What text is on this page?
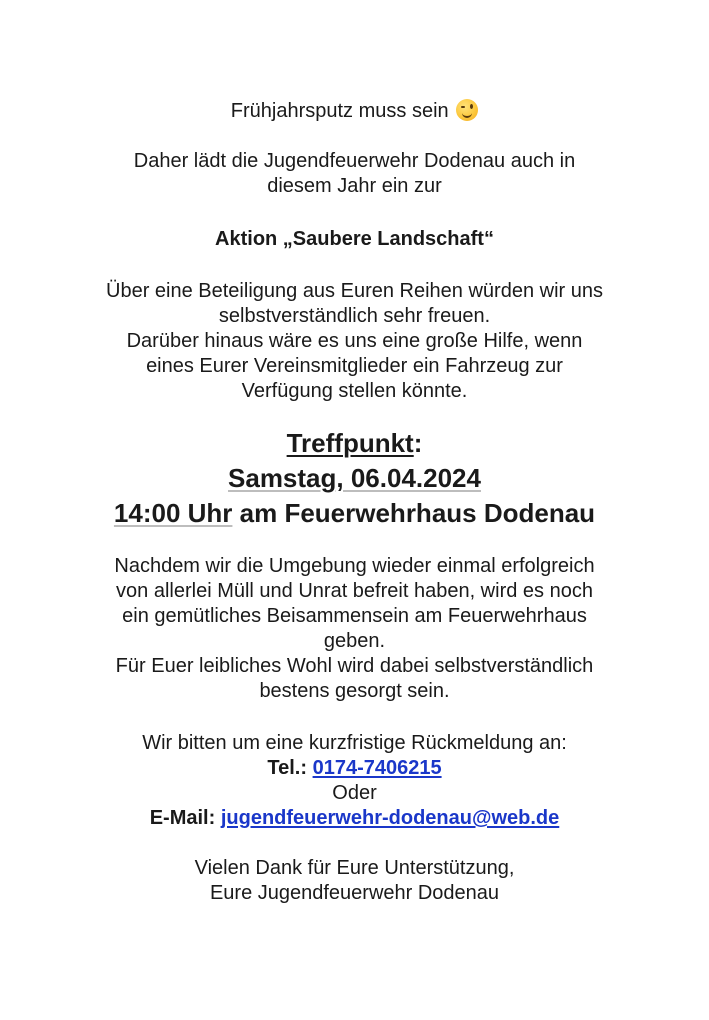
Frühjahrsputz muss sein
Daher lädt die Jugendfeuerwehr Dodenau auch in
diesem Jahr ein zur
Aktion „Saubere Landschaft“
Über eine Beteiligung aus Euren Reihen würden wir uns
selbstverständlich sehr freuen.
Darüber hinaus wäre es uns eine große Hilfe, wenn
eines Eurer Vereinsmitglieder ein Fahrzeug zur
Verfügung stellen könnte.
Treffpunkt:
Samstag, 06.04.2024
14:00 Uhr am Feuerwehrhaus Dodenau
Nachdem wir die Umgebung wieder einmal erfolgreich
von allerlei Müll und Unrat befreit haben, wird es noch
ein gemütliches Beisammensein am Feuerwehrhaus
geben.
Für Euer leibliches Wohl wird dabei selbstverständlich
bestens gesorgt sein.
Wir bitten um eine kurzfristige Rückmeldung an:
Tel.: 0174-7406215
Oder
E-Mail: jugendfeuerwehr-dodenau@web.de
Vielen Dank für Eure Unterstützung,
Eure Jugendfeuerwehr Dodenau
